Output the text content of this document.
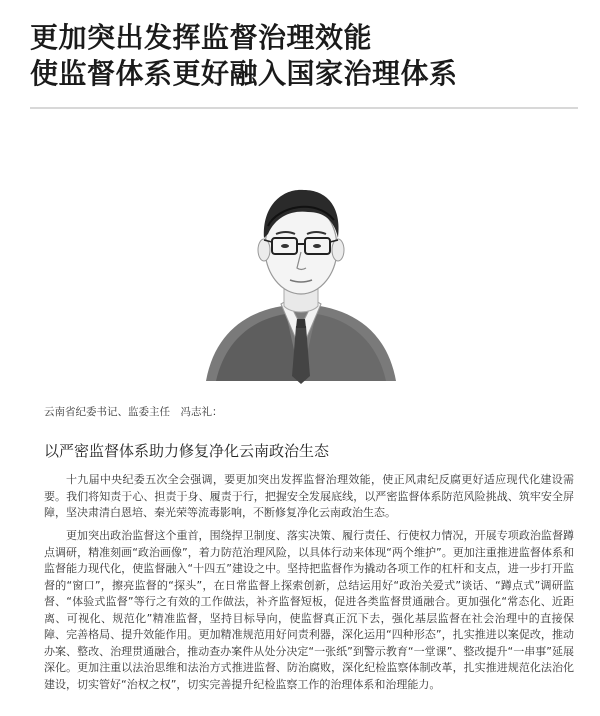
更加突出发挥监督治理效能
使监督体系更好融入国家治理体系
云南省纪委书记、监委主任　冯志礼：
以严密监督体系助力修复净化云南政治生态
十九届中央纪委五次全会强调，要更加突出发挥监督治理效能，使正风肃纪反腐更好适应现代化建设需要。我们将知责于心、担责于身、履责于行，把握安全发展底线，以严密监督体系防范风险挑战、筑牢安全屏障，坚决肃清白恩培、秦光荣等流毒影响，不断修复净化云南政治生态。
更加突出政治监督这个重首，围绕捍卫制度、落实决策、履行责任、行使权力情况，开展专项政治监督蹲点调研，精准刻画“政治画像”，着力防范治理风险，以具体行动来体现“两个维护”。更加注重推进监督体系和监督能力现代化，使监督融入“十四五”建设之中。坚持把监督作为撬动各项工作的杠杆和支点，进一步打开监督的“窗口”，擦亮监督的“探头”，在日常监督上探索创新，总结运用好“政治关爱式”谈话、“蹲点式”调研监督、“体验式监督”等行之有效的工作做法，补齐监督短板，促进各类监督贯通融合。更加强化“常态化、近距离、可视化、规范化”精准监督，坚持目标导向，使监督真正沉下去，强化基层监督在社会治理中的直接保障、完善格局、提升效能作用。更加精准规范用好问责利器，深化运用“四种形态”，扎实推进以案促改，推动办案、整改、治理贯通融合，推动查办案件从处分决定“一张纸”到警示教育“一堂课”、整改提升“一串事”延展深化。更加注重以法治思维和法治方式推进监督、防治腐败，深化纪检监察体制改革，扎实推进规范化法治化建设，切实管好“治权之权”，切实完善提升纪检监察工作的治理体系和治理能力。
